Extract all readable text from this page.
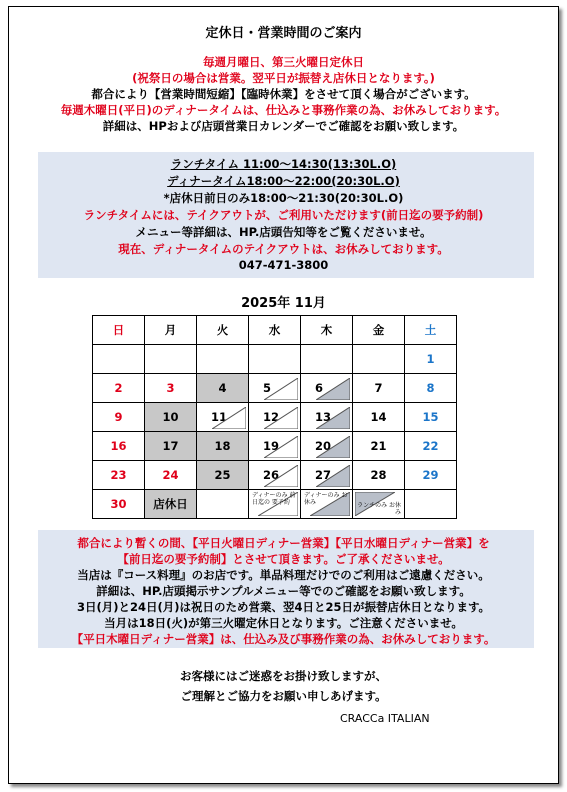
定休日・営業時間のご案内
毎週月曜日、第三火曜日定休日
(祝祭日の場合は営業。翌平日が振替え店休日となります。)
都合により【営業時間短縮】【臨時休業】をさせて頂く場合がございます。
毎週木曜日(平日)のディナータイムは、仕込みと事務作業の為、お休みしております。
詳細は、HPおよび店頭営業日カレンダーでご確認をお願い致します。
ランチタイム 11:00～14:30(13:30L.O)
ディナータイム18:00～22:00(20:30L.O)
*店休日前日のみ18:00～21:30(20:30L.O)
ランチタイムには、テイクアウトが、ご利用いただけます(前日迄の要予約制)
メニュー等詳細は、HP.店頭告知等をご覧くださいませ。
現在、ディナータイムのテイクアウトは、お休みしております。
047-471-3800
2025年 11月
日	月	火	水	木	金	土
						1
2	3	4	5	6	7	8
9	10	11	12	13	14	15
16	17	18	19	20	21	22
23	24	25	26	27	28	29
30	店休日		ディナーのみ 前日迄の 要予約	ディナーのみ お休み	ランチのみ お休み	

都合により暫くの間、【平日火曜日ディナー営業】【平日水曜日ディナー営業】を
【前日迄の要予約制】とさせて頂きます。ご了承くださいませ。
当店は『コース料理』のお店です。単品料理だけでのご利用はご遠慮ください。
詳細は、HP.店頭掲示サンプルメニュー等でのご確認をお願い致します。
3日(月)と24日(月)は祝日のため営業、翌4日と25日が振替店休日となります。
当月は18日(火)が第三火曜定休日となります。ご注意くださいませ。
【平日木曜日ディナー営業】は、仕込み及び事務作業の為、お休みしております。
お客様にはご迷惑をお掛け致しますが、
ご理解とご協力をお願い申しあげます。
CRACCa ITALIAN
